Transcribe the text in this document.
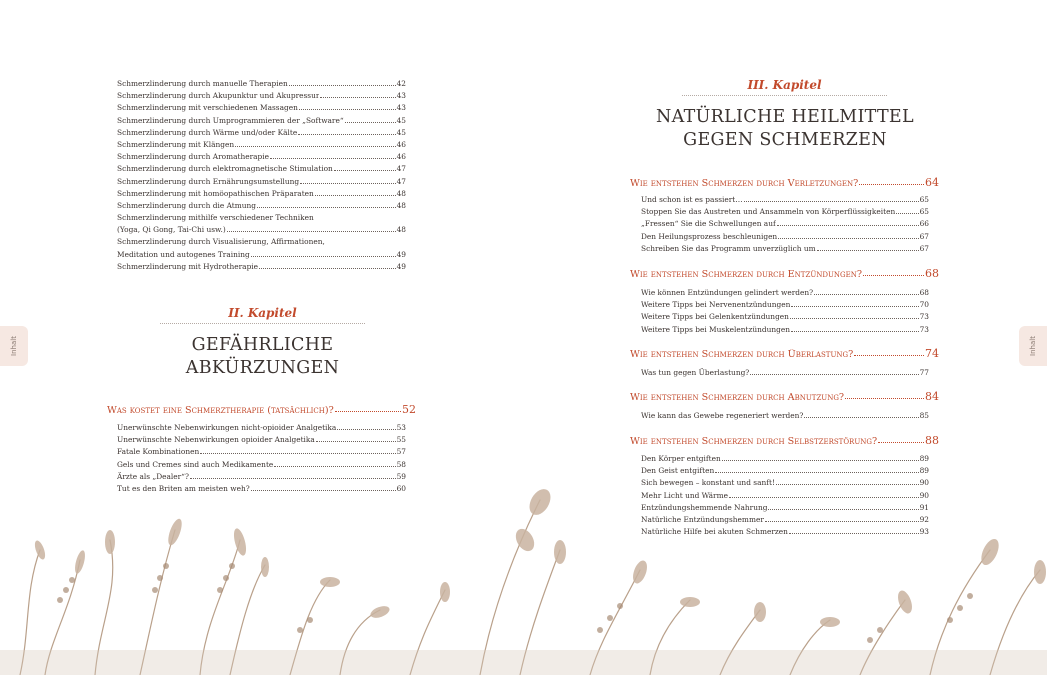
Inhalt
Schmerzlinderung durch manuelle Therapien	42
Schmerzlinderung durch Akupunktur und Akupressur	43
Schmerzlinderung mit verschiedenen Massagen	43
Schmerzlinderung durch Umprogrammieren der „Software“	45
Schmerzlinderung durch Wärme und/oder Kälte	45
Schmerzlinderung mit Klängen	46
Schmerzlinderung durch Aromatherapie	46
Schmerzlinderung durch elektromagnetische Stimulation	47
Schmerzlinderung durch Ernährungsumstellung	47
Schmerzlinderung mit homöopathischen Präparaten	48
Schmerzlinderung durch die Atmung	48
Schmerzlinderung mithilfe verschiedener Techniken
(Yoga, Qi Gong, Tai-Chi usw.)	48
Schmerzlinderung durch Visualisierung, Affirmationen,
Meditation und autogenes Training	49
Schmerzlinderung mit Hydrotherapie	49
II. Kapitel
GEFÄHRLICHE
ABKÜRZUNGEN
Was kostet eine Schmerztherapie (tatsächlich)?	52
Unerwünschte Nebenwirkungen nicht-opioider Analgetika	53
Unerwünschte Nebenwirkungen opioider Analgetika	55
Fatale Kombinationen	57
Gels und Cremes sind auch Medikamente	58
Ärzte als „Dealer“?	59
Tut es den Briten am meisten weh?	60
Inhalt
III. Kapitel
NATÜRLICHE HEILMITTEL
GEGEN SCHMERZEN
Wie entstehen Schmerzen durch Verletzungen?	64
Und schon ist es passiert…	65
Stoppen Sie das Austreten und Ansammeln von Körperflüssigkeiten	65
„Fressen“ Sie die Schwellungen auf	66
Den Heilungsprozess beschleunigen	67
Schreiben Sie das Programm unverzüglich um	67
Wie entstehen Schmerzen durch Entzündungen?	68
Wie können Entzündungen gelindert werden?	68
Weitere Tipps bei Nervenentzündungen	70
Weitere Tipps bei Gelenkentzündungen	73
Weitere Tipps bei Muskelentzündungen	73
Wie entstehen Schmerzen durch Überlastung?	74
Was tun gegen Überlastung?	77
Wie entstehen Schmerzen durch Abnutzung?	84
Wie kann das Gewebe regeneriert werden?	85
Wie entstehen Schmerzen durch Selbstzerstörung?	88
Den Körper entgiften	89
Den Geist entgiften	89
Sich bewegen – konstant und sanft!	90
Mehr Licht und Wärme	90
Entzündungshemmende Nahrung	91
Natürliche Entzündungshemmer	92
Natürliche Hilfe bei akuten Schmerzen	93
